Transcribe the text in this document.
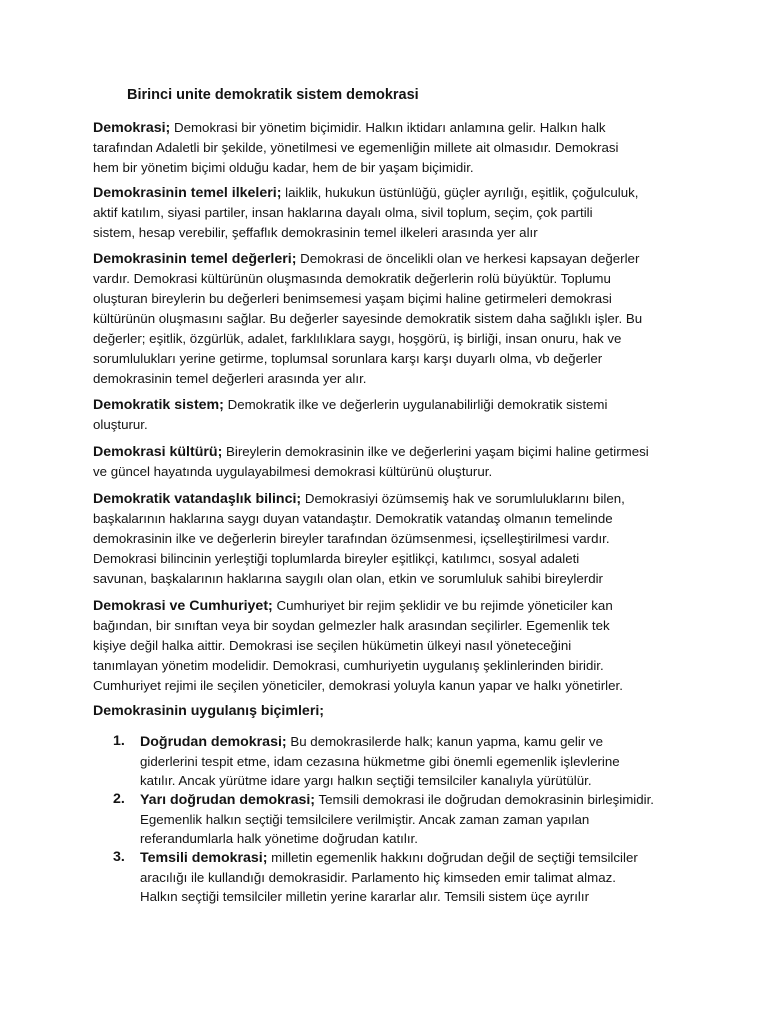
Birinci unite demokratik sistem demokrasi
Demokrasi; Demokrasi bir yönetim biçimidir. Halkın iktidarı anlamına gelir. Halkın halk
tarafından Adaletli bir şekilde, yönetilmesi ve egemenliğin millete ait olmasıdır. Demokrasi
hem bir yönetim biçimi olduğu kadar, hem de bir yaşam biçimidir.
Demokrasinin temel ilkeleri; laiklik, hukukun üstünlüğü, güçler ayrılığı, eşitlik, çoğulculuk,
aktif katılım, siyasi partiler, insan haklarına dayalı olma, sivil toplum, seçim, çok partili
sistem, hesap verebilir, şeffaflık demokrasinin temel ilkeleri arasında yer alır
Demokrasinin temel değerleri; Demokrasi de öncelikli olan ve herkesi kapsayan değerler
vardır. Demokrasi kültürünün oluşmasında demokratik değerlerin rolü büyüktür. Toplumu
oluşturan bireylerin bu değerleri benimsemesi yaşam biçimi haline getirmeleri demokrasi
kültürünün oluşmasını sağlar. Bu değerler sayesinde demokratik sistem daha sağlıklı işler. Bu
değerler; eşitlik, özgürlük, adalet, farklılıklara saygı, hoşgörü, iş birliği, insan onuru, hak ve
sorumlulukları yerine getirme, toplumsal sorunlara karşı karşı duyarlı olma, vb değerler
demokrasinin temel değerleri arasında yer alır.
Demokratik sistem; Demokratik ilke ve değerlerin uygulanabilirliği demokratik sistemi
oluşturur.
Demokrasi kültürü; Bireylerin demokrasinin ilke ve değerlerini yaşam biçimi haline getirmesi
ve güncel hayatında uygulayabilmesi demokrasi kültürünü oluşturur.
Demokratik vatandaşlık bilinci; Demokrasiyi özümsemiş hak ve sorumluluklarını bilen,
başkalarının haklarına saygı duyan vatandaştır. Demokratik vatandaş olmanın temelinde
demokrasinin ilke ve değerlerin bireyler tarafından özümsenmesi, içselleştirilmesi vardır.
Demokrasi bilincinin yerleştiği toplumlarda bireyler eşitlikçi, katılımcı, sosyal adaleti
savunan, başkalarının haklarına saygılı olan olan, etkin ve sorumluluk sahibi bireylerdir
Demokrasi ve Cumhuriyet; Cumhuriyet bir rejim şeklidir ve bu rejimde yöneticiler kan
bağından, bir sınıftan veya bir soydan gelmezler halk arasından seçilirler. Egemenlik tek
kişiye değil halka aittir. Demokrasi ise seçilen hükümetin ülkeyi nasıl yöneteceğini
tanımlayan yönetim modelidir. Demokrasi, cumhuriyetin uygulanış şeklinlerinden biridir.
Cumhuriyet rejimi ile seçilen yöneticiler, demokrasi yoluyla kanun yapar ve halkı yönetirler.
Demokrasinin uygulanış biçimleri;
1. Doğrudan demokrasi; Bu demokrasilerde halk; kanun yapma, kamu gelir ve
giderlerini tespit etme, idam cezasına hükmetme gibi önemli egemenlik işlevlerine
katılır. Ancak yürütme idare yargı halkın seçtiği temsilciler kanalıyla yürütülür.
2. Yarı doğrudan demokrasi; Temsili demokrasi ile doğrudan demokrasinin birleşimidir.
Egemenlik halkın seçtiği temsilcilere verilmiştir. Ancak zaman zaman yapılan
referandumlarla halk yönetime doğrudan katılır.
3. Temsili demokrasi; milletin egemenlik hakkını doğrudan değil de seçtiği temsilciler
aracılığı ile kullandığı demokrasidir. Parlamento hiç kimseden emir talimat almaz.
Halkın seçtiği temsilciler milletin yerine kararlar alır. Temsili sistem üçe ayrılır
